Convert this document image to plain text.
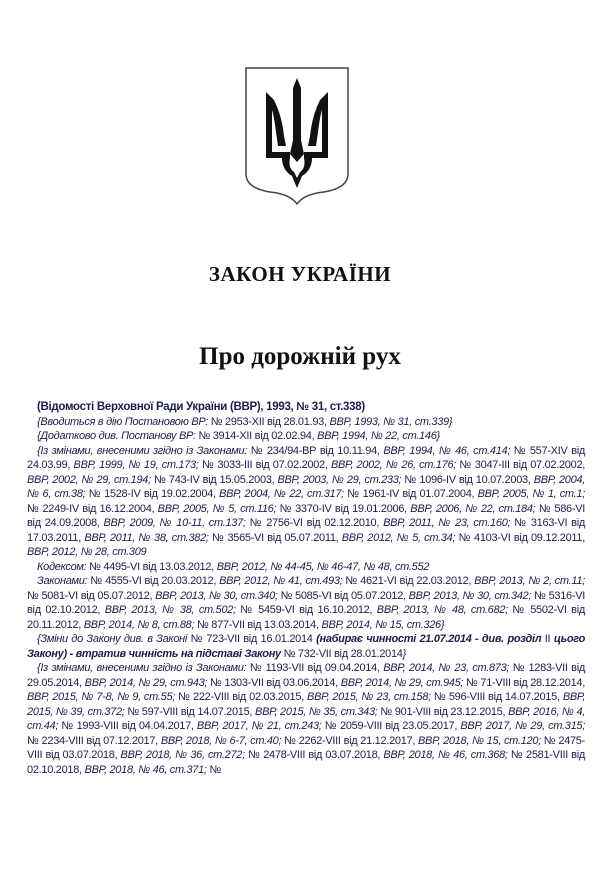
ЗАКОН УКРАЇНИ
Про дорожній рух

(Відомості Верховної Ради України (ВВР), 1993, № 31, ст.338)

{Вводиться в дію Постановою ВР: № 2953-XII від 28.01.93, ВВР, 1993, № 31, ст.339}

{Додатково див. Постанову ВР: № 3914-XII від 02.02.94, ВВР, 1994, № 22, ст.146}

{Із змінами, внесеними згідно із Законами: № 234/94-ВР від 10.11.94, ВВР, 1994, № 46, ст.414; № 557-XIV від 24.03.99, ВВР, 1999, № 19, ст.173; № 3033-III від 07.02.2002, ВВР, 2002, № 26, ст.176; № 3047-III від 07.02.2002, ВВР, 2002, № 29, ст.194; № 743-IV від 15.05.2003, ВВР, 2003, № 29, ст.233; № 1096-IV від 10.07.2003, ВВР, 2004, № 6, ст.38; № 1528-IV від 19.02.2004, ВВР, 2004, № 22, ст.317; № 1961-IV від 01.07.2004, ВВР, 2005, № 1, ст.1; № 2249-IV від 16.12.2004, ВВР, 2005, № 5, ст.116; № 3370-IV від 19.01.2006, ВВР, 2006, № 22, ст.184; № 586-VI від 24.09.2008, ВВР, 2009, № 10-11, ст.137; № 2756-VI від 02.12.2010, ВВР, 2011, № 23, ст.160; № 3163-VI від 17.03.2011, ВВР, 2011, № 38, ст.382; № 3565-VI від 05.07.2011, ВВР, 2012, № 5, ст.34; № 4103-VI від 09.12.2011, ВВР, 2012, № 28, ст.309

Кодексом: № 4495-VI від 13.03.2012, ВВР, 2012, № 44-45, № 46-47, № 48, ст.552

Законами: № 4555-VI від 20.03.2012, ВВР, 2012, № 41, ст.493; № 4621-VI від 22.03.2012, ВВР, 2013, № 2, ст.11; № 5081-VI від 05.07.2012, ВВР, 2013, № 30, ст.340; № 5085-VI від 05.07.2012, ВВР, 2013, № 30, ст.342; № 5316-VI від 02.10.2012, ВВР, 2013, № 38, ст.502; № 5459-VI від 16.10.2012, ВВР, 2013, № 48, ст.682; № 5502-VI від 20.11.2012, ВВР, 2014, № 8, ст.88; № 877-VII від 13.03.2014, ВВР, 2014, № 15, ст.326}

{Зміни до Закону див. в Законі № 723-VII від 16.01.2014 (набирає чинності 21.07.2014 - див. розділ II цього Закону) - втратив чинність на підставі Закону № 732-VII від 28.01.2014}

{Із змінами, внесеними згідно із Законами: № 1193-VII від 09.04.2014, ВВР, 2014, № 23, ст.873; № 1283-VII від 29.05.2014, ВВР, 2014, № 29, ст.943; № 1303-VII від 03.06.2014, ВВР, 2014, № 29, ст.945; № 71-VIII від 28.12.2014, ВВР, 2015, № 7-8, № 9, ст.55; № 222-VIII від 02.03.2015, ВВР, 2015, № 23, ст.158; № 596-VIII від 14.07.2015, ВВР, 2015, № 39, ст.372; № 597-VIII від 14.07.2015, ВВР, 2015, № 35, ст.343; № 901-VIII від 23.12.2015, ВВР, 2016, № 4, ст.44; № 1993-VIII від 04.04.2017, ВВР, 2017, № 21, ст.243; № 2059-VIII від 23.05.2017, ВВР, 2017, № 29, ст.315; № 2234-VIII від 07.12.2017, ВВР, 2018, № 6-7, ст.40; № 2262-VIII від 21.12.2017, ВВР, 2018, № 15, ст.120; № 2475-VIII від 03.07.2018, ВВР, 2018, № 36, ст.272; № 2478-VIII від 03.07.2018, ВВР, 2018, № 46, ст.368; № 2581-VIII від 02.10.2018, ВВР, 2018, № 46, ст.371; №
